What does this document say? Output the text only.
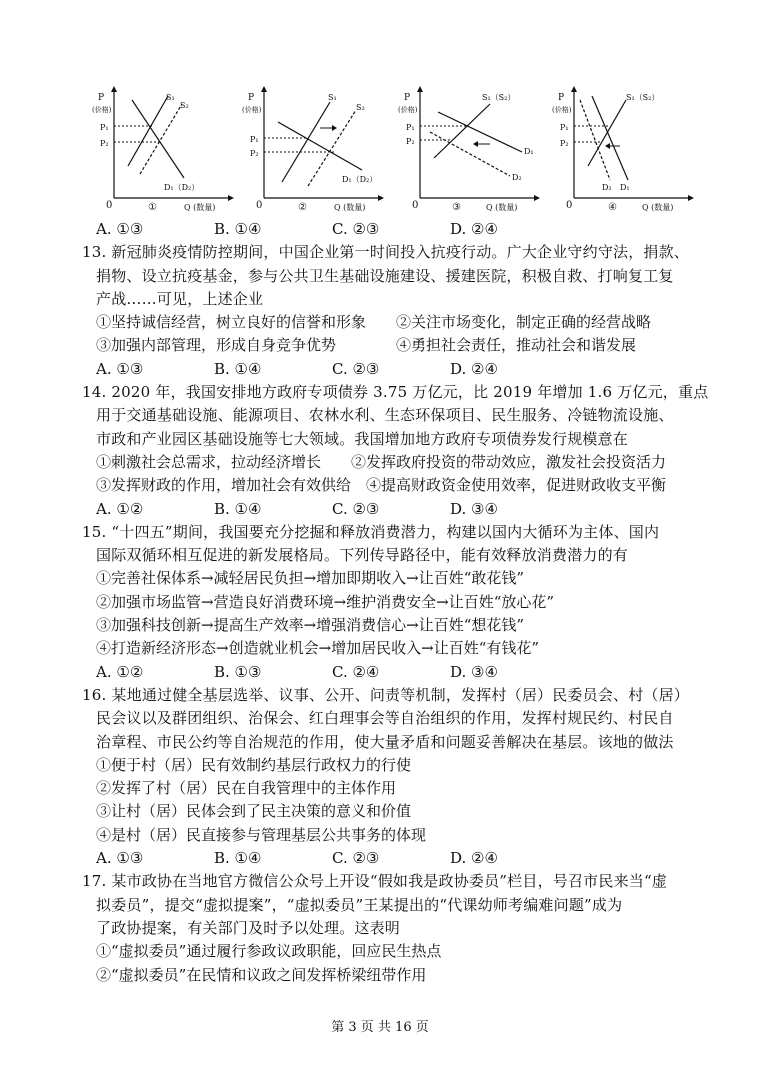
P
(价格)
P₁
P₂
S₁
S₂
D₁（D₂）
0	①	Q (数量)
P
(价格)
P₁
P₂
S₁
S₂
D₁（D₂）
0	②	Q (数量)
P
(价格)
P₁
P₂
S₁（S₂）
D₁
D₂
0	③	Q (数量)
P
(价格)
P₁
P₂
S₁（S₂）
D₁
D₂
0	④	Q (数量)
A. ①③	B. ①④	C. ②③	D. ②④
13. 新冠肺炎疫情防控期间，中国企业第一时间投入抗疫行动。广大企业守约守法，捐款、
捐物、设立抗疫基金，参与公共卫生基础设施建设、援建医院，积极自救、打响复工复
产战……可见，上述企业
①坚持诚信经营，树立良好的信誉和形象　　②关注市场变化，制定正确的经营战略
③加强内部管理，形成自身竞争优势　　　　④勇担社会责任，推动社会和谐发展
A. ①③	B. ①④	C. ②③	D. ②④
14. 2020 年，我国安排地方政府专项债券 3.75 万亿元，比 2019 年增加 1.6 万亿元，重点
用于交通基础设施、能源项目、农林水利、生态环保项目、民生服务、冷链物流设施、
市政和产业园区基础设施等七大领域。我国增加地方政府专项债券发行规模意在
①刺激社会总需求，拉动经济增长　　②发挥政府投资的带动效应，激发社会投资活力
③发挥财政的作用，增加社会有效供给　④提高财政资金使用效率，促进财政收支平衡
A. ①②	B. ①④	C. ②③	D. ③④
15. “十四五”期间，我国要充分挖掘和释放消费潜力，构建以国内大循环为主体、国内
国际双循环相互促进的新发展格局。下列传导路径中，能有效释放消费潜力的有
①完善社保体系→减轻居民负担→增加即期收入→让百姓“敢花钱”
②加强市场监管→营造良好消费环境→维护消费安全→让百姓“放心花”
③加强科技创新→提高生产效率→增强消费信心→让百姓“想花钱”
④打造新经济形态→创造就业机会→增加居民收入→让百姓“有钱花”
A. ①②	B. ①③	C. ②④	D. ③④
16. 某地通过健全基层选举、议事、公开、问责等机制，发挥村（居）民委员会、村（居）
民会议以及群团组织、治保会、红白理事会等自治组织的作用，发挥村规民约、村民自
治章程、市民公约等自治规范的作用，使大量矛盾和问题妥善解决在基层。该地的做法
①便于村（居）民有效制约基层行政权力的行使
②发挥了村（居）民在自我管理中的主体作用
③让村（居）民体会到了民主决策的意义和价值
④是村（居）民直接参与管理基层公共事务的体现
A. ①③	B. ①④	C. ②③	D. ②④
17. 某市政协在当地官方微信公众号上开设“假如我是政协委员”栏目，号召市民来当“虚
拟委员”，提交“虚拟提案”，“虚拟委员”王某提出的“代课幼师考编难问题”成为
了政协提案，有关部门及时予以处理。这表明
①“虚拟委员”通过履行参政议政职能，回应民生热点
②“虚拟委员”在民情和议政之间发挥桥梁纽带作用
第 3 页 共 16 页
